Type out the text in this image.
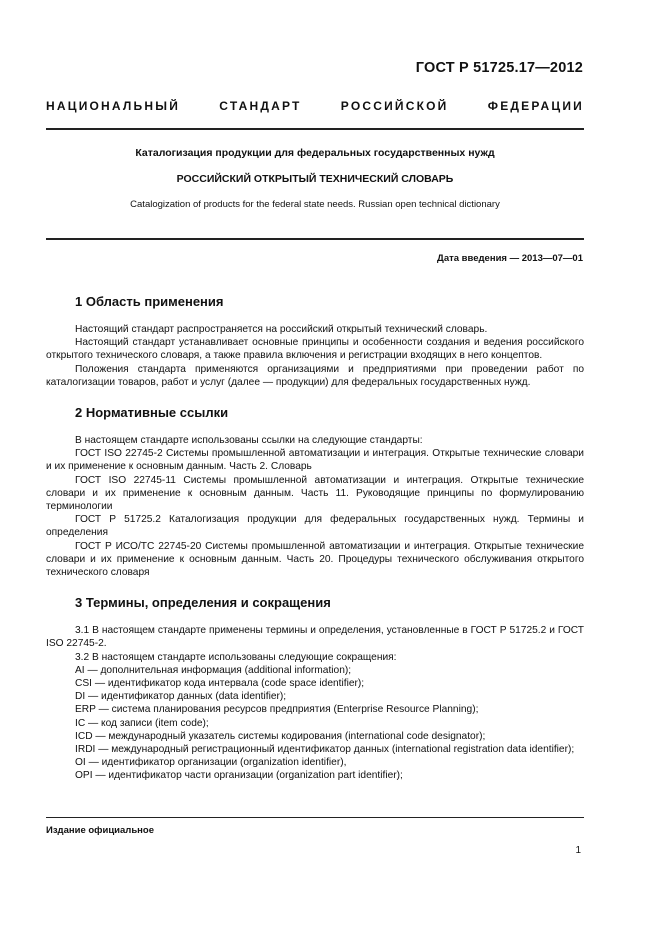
ГОСТ Р 51725.17—2012
НАЦИОНАЛЬНЫЙ СТАНДАРТ РОССИЙСКОЙ ФЕДЕРАЦИИ
Каталогизация продукции для федеральных государственных нужд
РОССИЙСКИЙ ОТКРЫТЫЙ ТЕХНИЧЕСКИЙ СЛОВАРЬ
Catalogization of products for the federal state needs. Russian open technical dictionary
Дата введения — 2013—07—01
1 Область применения

Настоящий стандарт распространяется на российский открытый технический словарь.

Настоящий стандарт устанавливает основные принципы и особенности создания и ведения российского открытого технического словаря, а также правила включения и регистрации входящих в него концептов.

Положения стандарта применяются организациями и предприятиями при проведении работ по каталогизации товаров, работ и услуг (далее — продукции) для федеральных государственных нужд.

2 Нормативные ссылки

В настоящем стандарте использованы ссылки на следующие стандарты:

ГОСТ ISO 22745-2 Системы промышленной автоматизации и интеграция. Открытые технические словари и их применение к основным данным. Часть 2. Словарь

ГОСТ ISO 22745-11 Системы промышленной автоматизации и интеграция. Открытые технические словари и их применение к основным данным. Часть 11. Руководящие принципы по формулированию терминологии

ГОСТ Р 51725.2 Каталогизация продукции для федеральных государственных нужд. Термины и определения

ГОСТ Р ИСО/ТС 22745-20 Системы промышленной автоматизации и интеграция. Открытые технические словари и их применение к основным данным. Часть 20. Процедуры технического обслуживания открытого технического словаря

3 Термины, определения и сокращения

3.1 В настоящем стандарте применены термины и определения, установленные в ГОСТ Р 51725.2 и ГОСТ ISO 22745-2.

3.2 В настоящем стандарте использованы следующие сокращения:

AI — дополнительная информация (additional information);

CSI — идентификатор кода интервала (code space identifier);

DI — идентификатор данных (data identifier);

ERP — система планирования ресурсов предприятия (Enterprise Resource Planning);

IC — код записи (item code);

ICD — международный указатель системы кодирования (international code designator);

IRDI — международный регистрационный идентификатор данных (international registration data identifier);

OI — идентификатор организации (organization identifier),

OPI — идентификатор части организации (organization part identifier);

Издание официальное
1
